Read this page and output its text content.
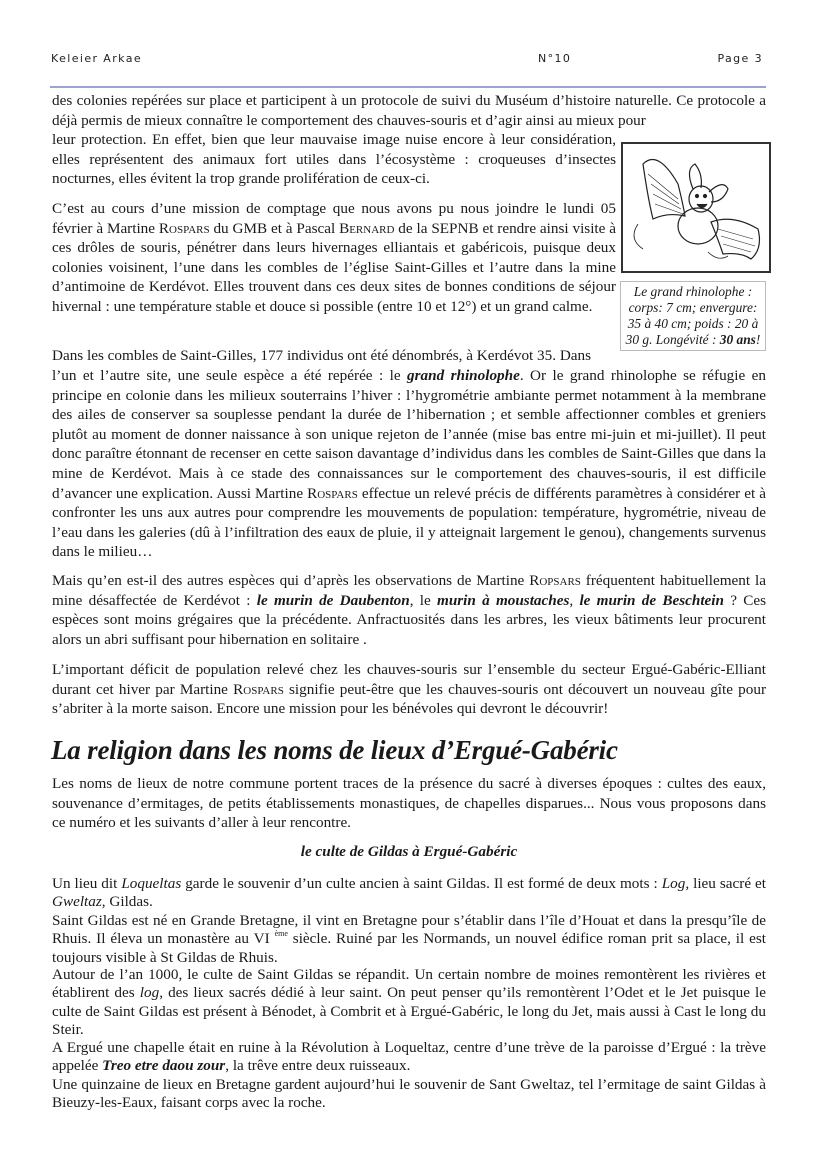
Keleier Arkae	N°10	Page 3

des colonies repérées sur place et participent à un protocole de suivi du Muséum d’histoire naturelle. Ce protocole a déjà permis de mieux connaître le comportement des chauves-souris et d’agir ainsi au mieux pour

leur protection. En effet, bien que leur mauvaise image nuise encore à leur considération, elles représentent des animaux fort utiles dans l’écosystème : croqueuses d’insectes nocturnes, elles évitent la trop grande prolifération de ceux-ci.

C’est au cours d’une mission de comptage que nous avons pu nous joindre le lundi 05 février à Martine Rospars du GMB et à Pascal Bernard de la SEPNB et rendre ainsi visite à ces drôles de souris, pénétrer dans leurs hivernages elliantais et gabéricois, puisque deux colonies voisinent, l’une dans les combles de l’église Saint-Gilles et l’autre dans la mine d’antimoine de Kerdévot. Elles trouvent dans ces deux sites de bonnes conditions de séjour hivernal : une température stable et douce si possible (entre 10 et 12°) et un grand calme.

Le grand rhinolophe :
corps: 7 cm; envergure:
35 à 40 cm; poids : 20 à
30 g. Longévité : 30 ans!

Dans les combles de Saint-Gilles, 177 individus ont été dénombrés, à Kerdévot 35. Dans

l’un et l’autre site, une seule espèce a été repérée : le grand rhinolophe. Or le grand rhinolophe se réfugie en principe en colonie dans les milieux souterrains l’hiver : l’hygrométrie ambiante permet notamment à la membrane des ailes de conserver sa souplesse pendant la durée de l’hibernation ; et semble affectionner combles et greniers plutôt au moment de donner naissance à son unique rejeton de l’année (mise bas entre mi-juin et mi-juillet). Il peut donc paraître étonnant de recenser en cette saison davantage d’individus dans les combles de Saint-Gilles que dans la mine de Kerdévot. Mais à ce stade des connaissances sur le comportement des chauves-souris, il est difficile d’avancer une explication. Aussi Martine Rospars effectue un relevé précis de différents paramètres à considérer et à confronter les uns aux autres pour comprendre les mouvements de population: température, hygrométrie, niveau de l’eau dans les galeries (dû à l’infiltration des eaux de pluie, il y atteignait largement le genou), changements survenus dans le milieu…

Mais qu’en est-il des autres espèces qui d’après les observations de Martine Ropsars fréquentent habituellement la mine désaffectée de Kerdévot : le murin de Daubenton, le murin à moustaches, le murin de Beschtein ? Ces espèces sont moins grégaires que la précédente. Anfractuosités dans les arbres, les vieux bâtiments leur procurent alors un abri suffisant pour hibernation en solitaire .

L’important déficit de population relevé chez les chauves-souris sur l’ensemble du secteur Ergué-Gabéric-Elliant durant cet hiver par Martine Rospars signifie peut-être que les chauves-souris ont découvert un nouveau gîte pour s’abriter à la morte saison. Encore une mission pour les bénévoles qui devront le découvrir!

La religion dans les noms de lieux d’Ergué-Gabéric

Les noms de lieux de notre commune portent traces de la présence du sacré à diverses époques : cultes des eaux, souvenance d’ermitages, de petits établissements monastiques, de chapelles disparues... Nous vous proposons dans ce numéro et les suivants d’aller à leur rencontre.

le culte de Gildas à Ergué-Gabéric

Un lieu dit Loqueltas garde le souvenir d’un culte ancien à saint Gildas. Il est formé de deux mots : Log, lieu sacré et Gweltaz, Gildas.

Saint Gildas est né en Grande Bretagne, il vint en Bretagne pour s’établir dans l’île d’Houat et dans la presqu’île de Rhuis. Il éleva un monastère au VI $^{ème}$ siècle. Ruiné par les Normands, un nouvel édifice roman prit sa place, il est toujours visible à St Gildas de Rhuis.

Autour de l’an 1000, le culte de Saint Gildas se répandit. Un certain nombre de moines remontèrent les rivières et établirent des log, des lieux sacrés dédié à leur saint. On peut penser qu’ils remontèrent l’Odet et le Jet puisque le culte de Saint Gildas est présent à Bénodet, à Combrit et à Ergué-Gabéric, le long du Jet, mais aussi à Cast le long du Steir.

A Ergué une chapelle était en ruine à la Révolution à Loqueltaz, centre d’une trève de la paroisse d’Ergué : la trève appelée Treo etre daou zour, la trêve entre deux ruisseaux.

Une quinzaine de lieux en Bretagne gardent aujourd’hui le souvenir de Sant Gweltaz, tel l’ermitage de saint Gildas à Bieuzy-les-Eaux, faisant corps avec la roche.
